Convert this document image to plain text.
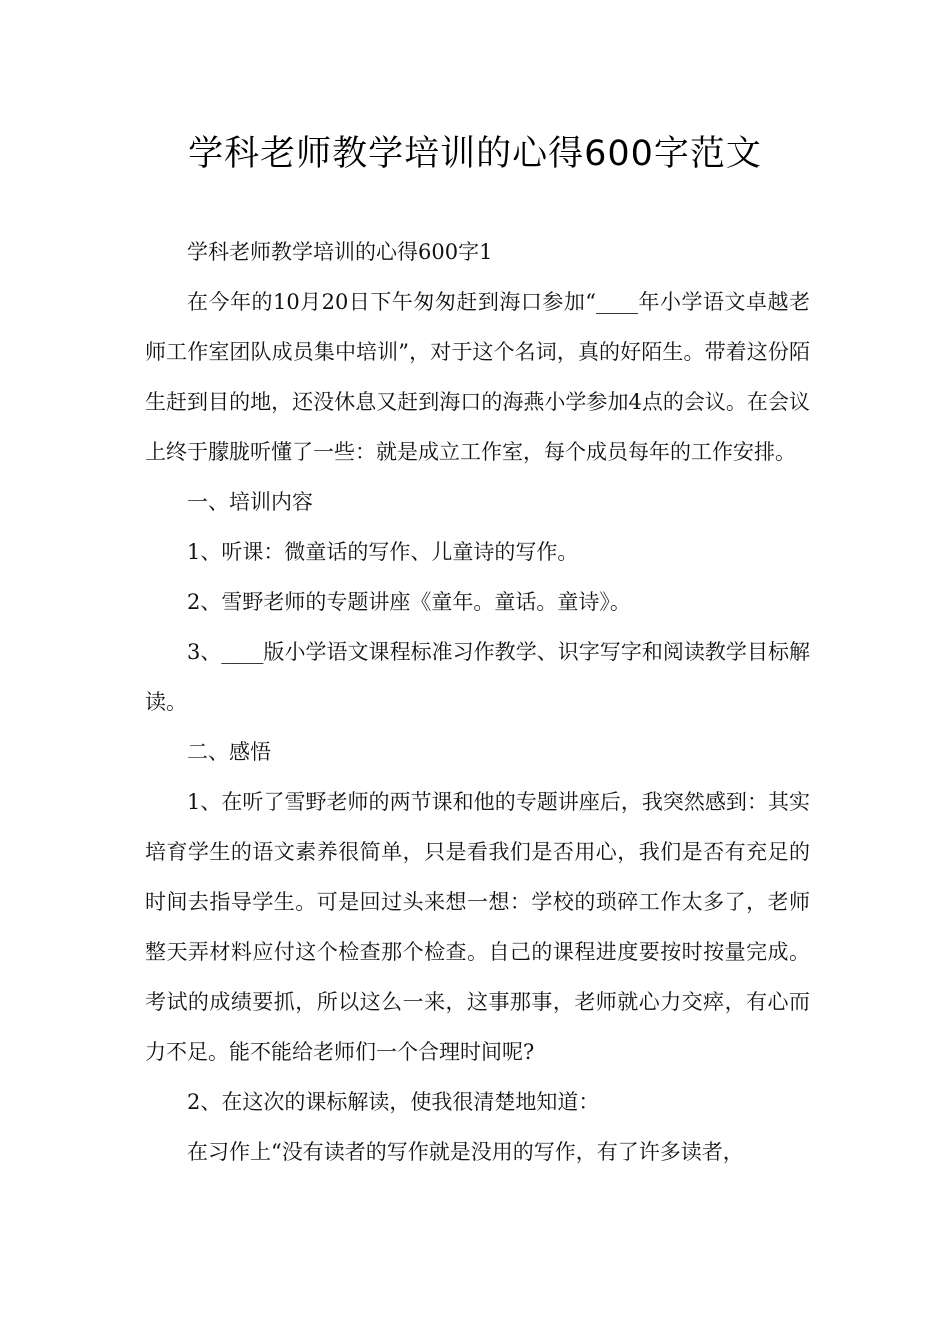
学科老师教学培训的心得600字范文

学科老师教学培训的心得600字1

在今年的10月20日下午匆匆赶到海口参加“____年小学语文卓越老师工作室团队成员集中培训”，对于这个名词，真的好陌生。带着这份陌生赶到目的地，还没休息又赶到海口的海燕小学参加4点的会议。在会议上终于朦胧听懂了一些：就是成立工作室，每个成员每年的工作安排。

一、培训内容

1、听课：微童话的写作、儿童诗的写作。

2、雪野老师的专题讲座《童年。童话。童诗》。

3、____版小学语文课程标准习作教学、识字写字和阅读教学目标解读。

二、感悟

1、在听了雪野老师的两节课和他的专题讲座后，我突然感到：其实培育学生的语文素养很简单，只是看我们是否用心，我们是否有充足的时间去指导学生。可是回过头来想一想：学校的琐碎工作太多了，老师整天弄材料应付这个检查那个检查。自己的课程进度要按时按量完成。考试的成绩要抓，所以这么一来，这事那事，老师就心力交瘁，有心而力不足。能不能给老师们一个合理时间呢?

2、在这次的课标解读，使我很清楚地知道：

在习作上“没有读者的写作就是没用的写作，有了许多读者，
